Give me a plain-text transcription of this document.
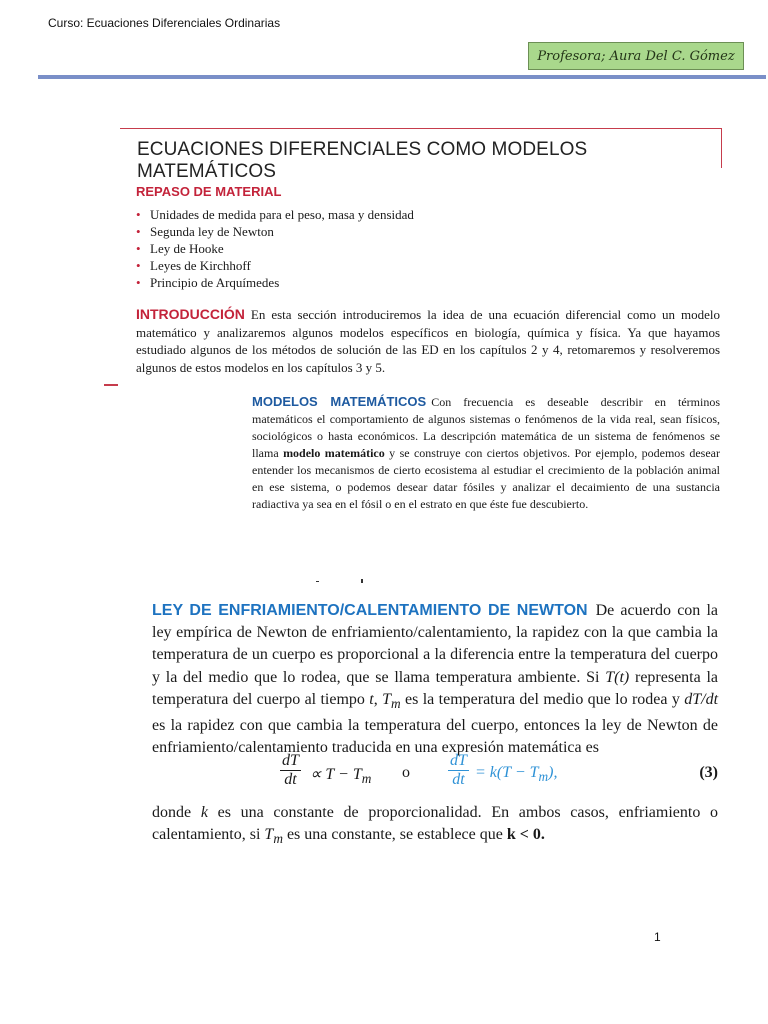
Curso: Ecuaciones Diferenciales Ordinarias
Profesora; Aura Del C. Gómez
ECUACIONES DIFERENCIALES COMO MODELOS MATEMÁTICOS
REPASO DE MATERIAL
• Unidades de medida para el peso, masa y densidad
• Segunda ley de Newton
• Ley de Hooke
• Leyes de Kirchhoff
• Principio de Arquímedes
INTRODUCCIÓN En esta sección introduciremos la idea de una ecuación diferencial como un modelo matemático y analizaremos algunos modelos específicos en biología, química y física. Ya que hayamos estudiado algunos de los métodos de solución de las ED en los capítulos 2 y 4, retomaremos y resolveremos algunos de estos modelos en los capítulos 3 y 5.
MODELOS MATEMÁTICOS Con frecuencia es deseable describir en términos matemáticos el comportamiento de algunos sistemas o fenómenos de la vida real, sean físicos, sociológicos o hasta económicos. La descripción matemática de un sistema de fenómenos se llama modelo matemático y se construye con ciertos objetivos. Por ejemplo, podemos desear entender los mecanismos de cierto ecosistema al estudiar el crecimiento de la población animal en ese sistema, o podemos desear datar fósiles y analizar el decaimiento de una sustancia radiactiva ya sea en el fósil o en el estrato en que éste fue descubierto.
LEY DE ENFRIAMIENTO/CALENTAMIENTO DE NEWTON De acuerdo con la ley empírica de Newton de enfriamiento/calentamiento, la rapidez con la que cambia la temperatura de un cuerpo es proporcional a la diferencia entre la temperatura del cuerpo y la del medio que lo rodea, que se llama temperatura ambiente. Si T(t) representa la temperatura del cuerpo al tiempo t, $T_m$ es la temperatura del medio que lo rodea y dT/dt es la rapidez con que cambia la temperatura del cuerpo, entonces la ley de Newton de enfriamiento/calentamiento traducida en una expresión matemática es
$\frac{dT}{dt} \propto T - T_m$ o $\frac{dT}{dt} = k(T - T_m)$,	(3)
donde k es una constante de proporcionalidad. En ambos casos, enfriamiento o calentamiento, si $T_m$ es una constante, se establece que k < 0.
1
